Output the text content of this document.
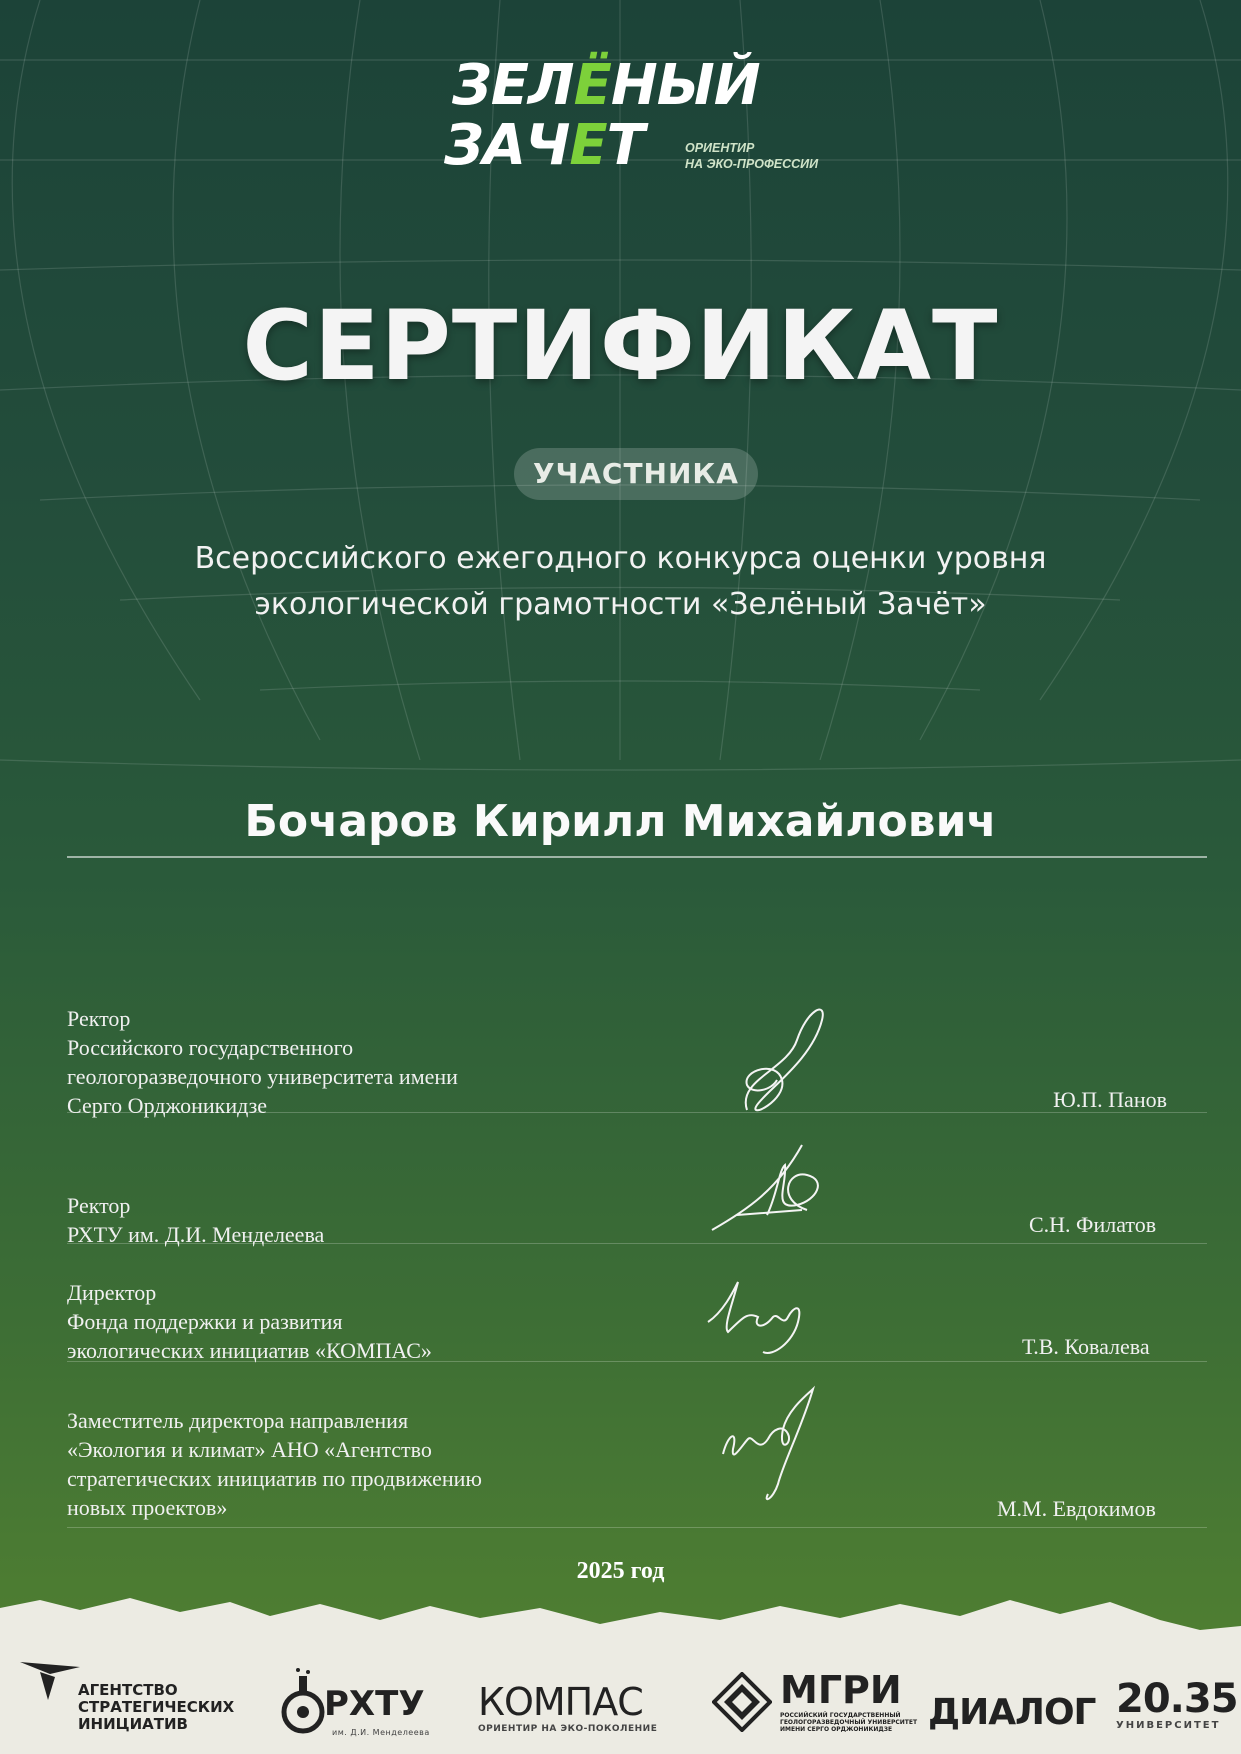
ЗЕЛЁНЫЙ
ЗАЧЕТ	ОРИЕНТИР
НА ЭКО-ПРОФЕССИИ
СЕРТИФИКАТ
УЧАСТНИКА
Всероссийского ежегодного конкурса оценки уровня
экологической грамотности «Зелёный Зачёт»
Бочаров Кирилл Михайлович
Ректор
Российского государственного
геологоразведочного университета имени
Серго Орджоникидзе	Ю.П. Панов
Ректор
РХТУ им. Д.И. Менделеева	С.Н. Филатов
Директор
Фонда поддержки и развития
экологических инициатив «КОМПАС»	Т.В. Ковалева
Заместитель директора направления
«Экология и климат» АНО «Агентство
стратегических инициатив по продвижению
новых проектов»	М.М. Евдокимов
2025 год
АГЕНТСТВО
СТРАТЕГИЧЕСКИХ
ИНИЦИАТИВ	РХТУ
им. Д.И. Менделеева
КОМПАС
ОРИЕНТИР НА ЭКО-ПОКОЛЕНИЕ
МГРИ
РОССИЙСКИЙ ГОСУДАРСТВЕННЫЙ
ГЕОЛОГОРАЗВЕДОЧНЫЙ УНИВЕРСИТЕТ
ИМЕНИ СЕРГО ОРДЖОНИКИДЗЕ ДИАЛОГ 20.35
УНИВЕРСИТЕТ
